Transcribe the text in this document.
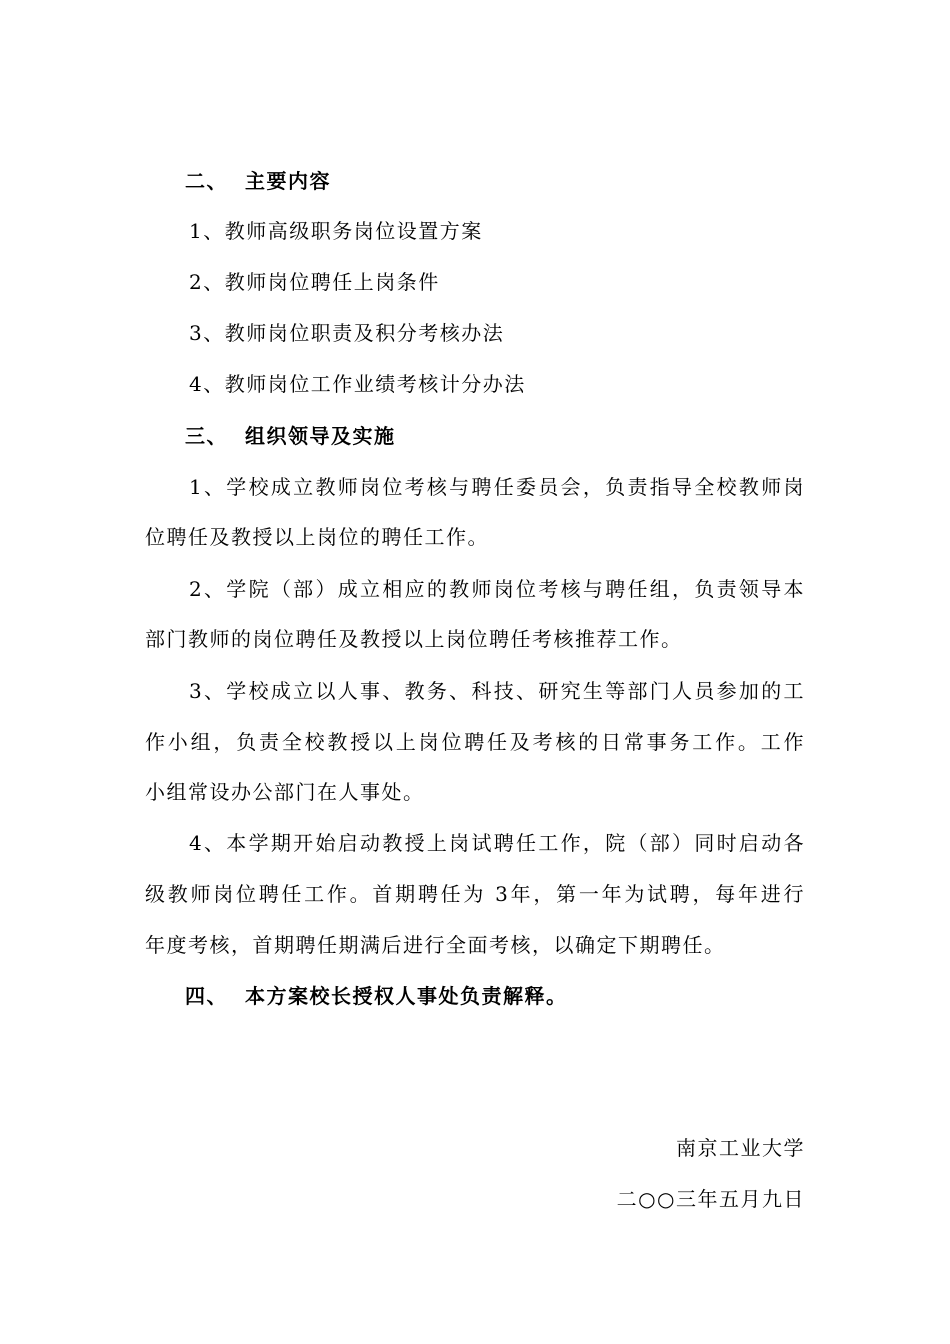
二、 主要内容
1、教师高级职务岗位设置方案
2、教师岗位聘任上岗条件
3、教师岗位职责及积分考核办法
4、教师岗位工作业绩考核计分办法
三、 组织领导及实施
1、学校成立教师岗位考核与聘任委员会，负责指导全校教师岗
位聘任及教授以上岗位的聘任工作。
2、学院（部）成立相应的教师岗位考核与聘任组，负责领导本
部门教师的岗位聘任及教授以上岗位聘任考核推荐工作。
3、学校成立以人事、教务、科技、研究生等部门人员参加的工
作小组，负责全校教授以上岗位聘任及考核的日常事务工作。工作
小组常设办公部门在人事处。
4、本学期开始启动教授上岗试聘任工作，院（部）同时启动各
级教师岗位聘任工作。首期聘任为 3年，第一年为试聘，每年进行
年度考核，首期聘任期满后进行全面考核，以确定下期聘任。
四、 本方案校长授权人事处负责解释。
南京工业大学
二○○三年五月九日
